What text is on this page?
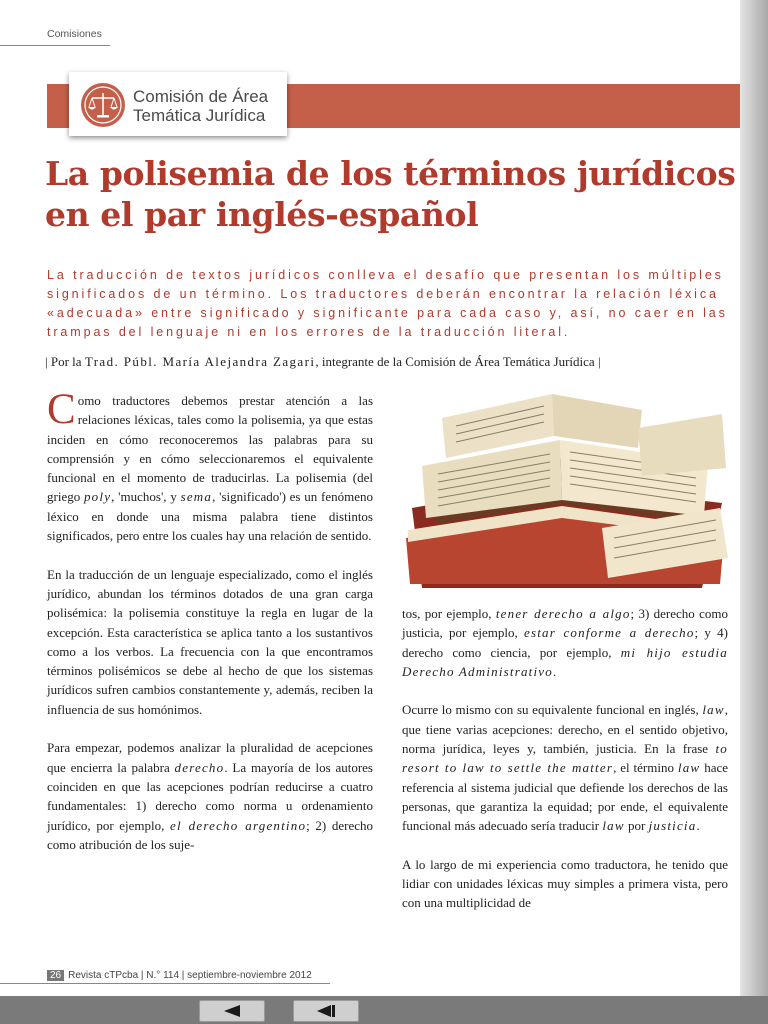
Comisiones
Comisión de Área
Temática Jurídica
La polisemia de los términos jurídicos en el par inglés-español

La traducción de textos jurídicos conlleva el desafío que presentan los múltiples significados de un término. Los traductores deberán encontrar la relación léxica «adecuada» entre significado y significante para cada caso y, así, no caer en las trampas del lenguaje ni en los errores de la traducción literal.

| Por la Trad. Públ. María Alejandra Zagari, integrante de la Comisión de Área Temática Jurídica |

Como traductores debemos prestar atención a las relaciones léxicas, tales como la polisemia, ya que estas inciden en cómo reconoceremos las palabras para su comprensión y en cómo seleccionaremos el equivalente funcional en el momento de traducirlas. La polisemia (del griego poly, 'muchos', y sema, 'significado') es un fenómeno léxico en donde una misma palabra tiene distintos significados, pero entre los cuales hay una relación de sentido.

En la traducción de un lenguaje especializado, como el inglés jurídico, abundan los términos dotados de una gran carga polisémica: la polisemia constituye la regla en lugar de la excepción. Esta característica se aplica tanto a los sustantivos como a los verbos. La frecuencia con la que encontramos términos polisémicos se debe al hecho de que los sistemas jurídicos sufren cambios constantemente y, además, reciben la influencia de sus homónimos.

Para empezar, podemos analizar la pluralidad de acepciones que encierra la palabra derecho. La mayoría de los autores coinciden en que las acepciones podrían reducirse a cuatro fundamentales: 1) derecho como norma u ordenamiento jurídico, por ejemplo, el derecho argentino; 2) derecho como atribución de los suje-

tos, por ejemplo, tener derecho a algo; 3) derecho como justicia, por ejemplo, estar conforme a derecho; y 4) derecho como ciencia, por ejemplo, mi hijo estudia Derecho Administrativo.

Ocurre lo mismo con su equivalente funcional en inglés, law, que tiene varias acepciones: derecho, en el sentido objetivo, norma jurídica, leyes y, también, justicia. En la frase to resort to law to settle the matter, el término law hace referencia al sistema judicial que defiende los derechos de las personas, que garantiza la equidad; por ende, el equivalente funcional más adecuado sería traducir law por justicia.

A lo largo de mi experiencia como traductora, he tenido que lidiar con unidades léxicas muy simples a primera vista, pero con una multiplicidad de

26 Revista cTPcba | N.° 114 | septiembre-noviembre 2012
